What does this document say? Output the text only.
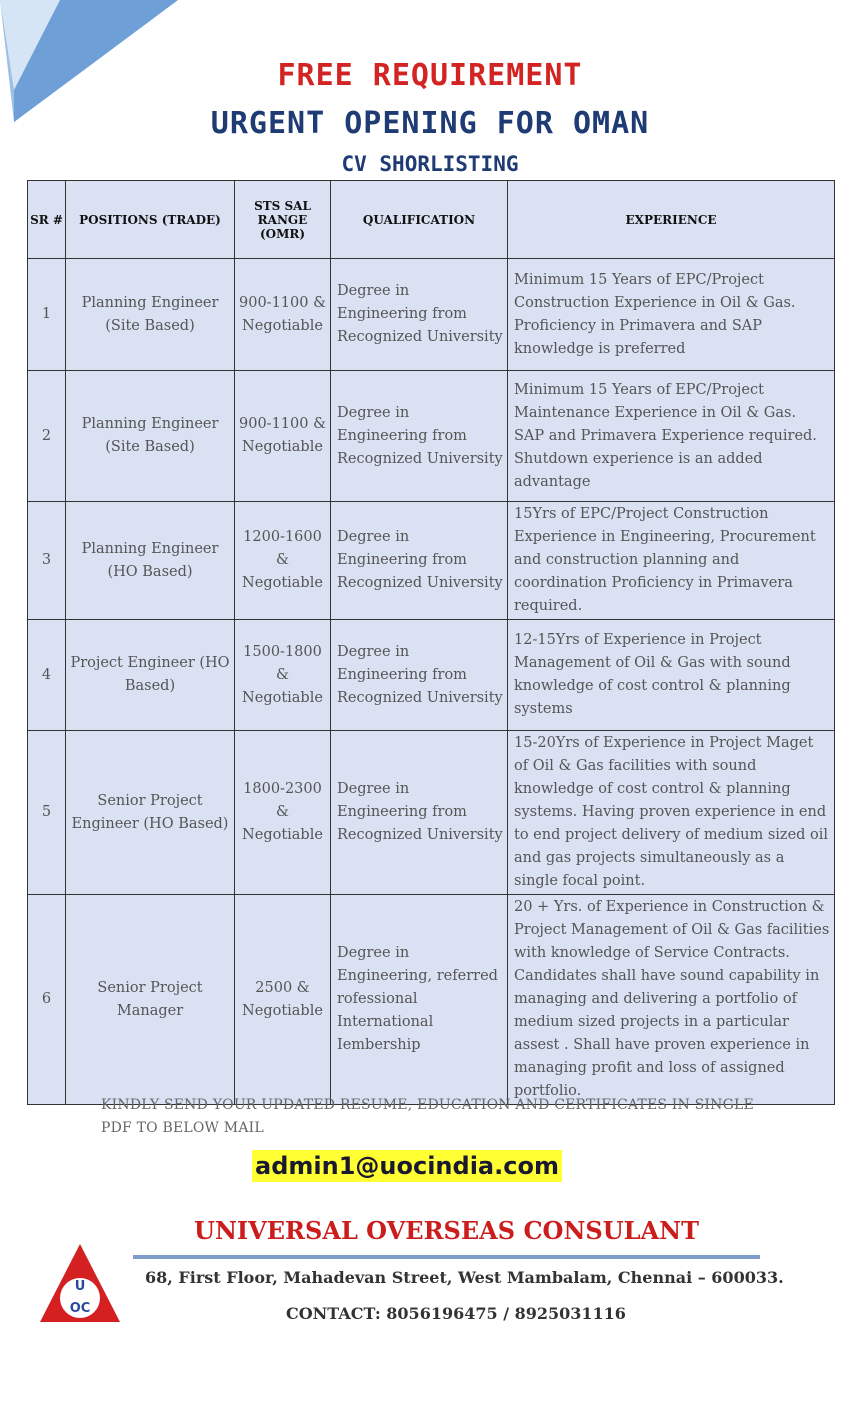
FREE REQUIREMENT
URGENT OPENING FOR OMAN
CV SHORLISTING
SR #	POSITIONS (TRADE)	STS SAL RANGE (OMR)	QUALIFICATION	EXPERIENCE
1	Planning Engineer (Site Based)	900-1100 & Negotiable	Degree in Engineering from Recognized University	Minimum 15 Years of EPC/Project Construction Experience in Oil & Gas. Proficiency in Primavera and SAP knowledge is preferred
2	Planning Engineer (Site Based)	900-1100 & Negotiable	Degree in Engineering from Recognized University	Minimum 15 Years of EPC/Project Maintenance Experience in Oil & Gas. SAP and Primavera Experience required. Shutdown experience is an added advantage
3	Planning Engineer (HO Based)	1200-1600 & Negotiable	Degree in Engineering from Recognized University	15Yrs of EPC/Project Construction Experience in Engineering, Procurement and construction planning and coordination Proficiency in Primavera required.
4	Project Engineer (HO Based)	1500-1800 & Negotiable	Degree in Engineering from Recognized University	12-15Yrs of Experience in Project Management of Oil & Gas with sound knowledge of cost control & planning systems
5	Senior Project Engineer (HO Based)	1800-2300 & Negotiable	Degree in Engineering from Recognized University	15-20Yrs of Experience in Project Maget of Oil & Gas facilities with sound knowledge of cost control & planning systems. Having proven experience in end to end project delivery of medium sized oil and gas projects simultaneously as a single focal point.
6	Senior Project Manager	2500 & Negotiable	Degree in Engineering, referred rofessional International Iembership	20 + Yrs. of Experience in Construction & Project Management of Oil & Gas facilities with knowledge of Service Contracts. Candidates shall have sound capability in managing and delivering a portfolio of medium sized projects in a particular assest . Shall have proven experience in managing profit and loss of assigned portfolio.
KINDLY SEND YOUR UPDATED RESUME, EDUCATION AND CERTIFICATES IN SINGLE PDF TO BELOW MAIL
admin1@uocindia.com
U
OC
UNIVERSAL OVERSEAS CONSULANT
68, First Floor, Mahadevan Street, West Mambalam, Chennai – 600033.
CONTACT: 8056196475 / 8925031116
